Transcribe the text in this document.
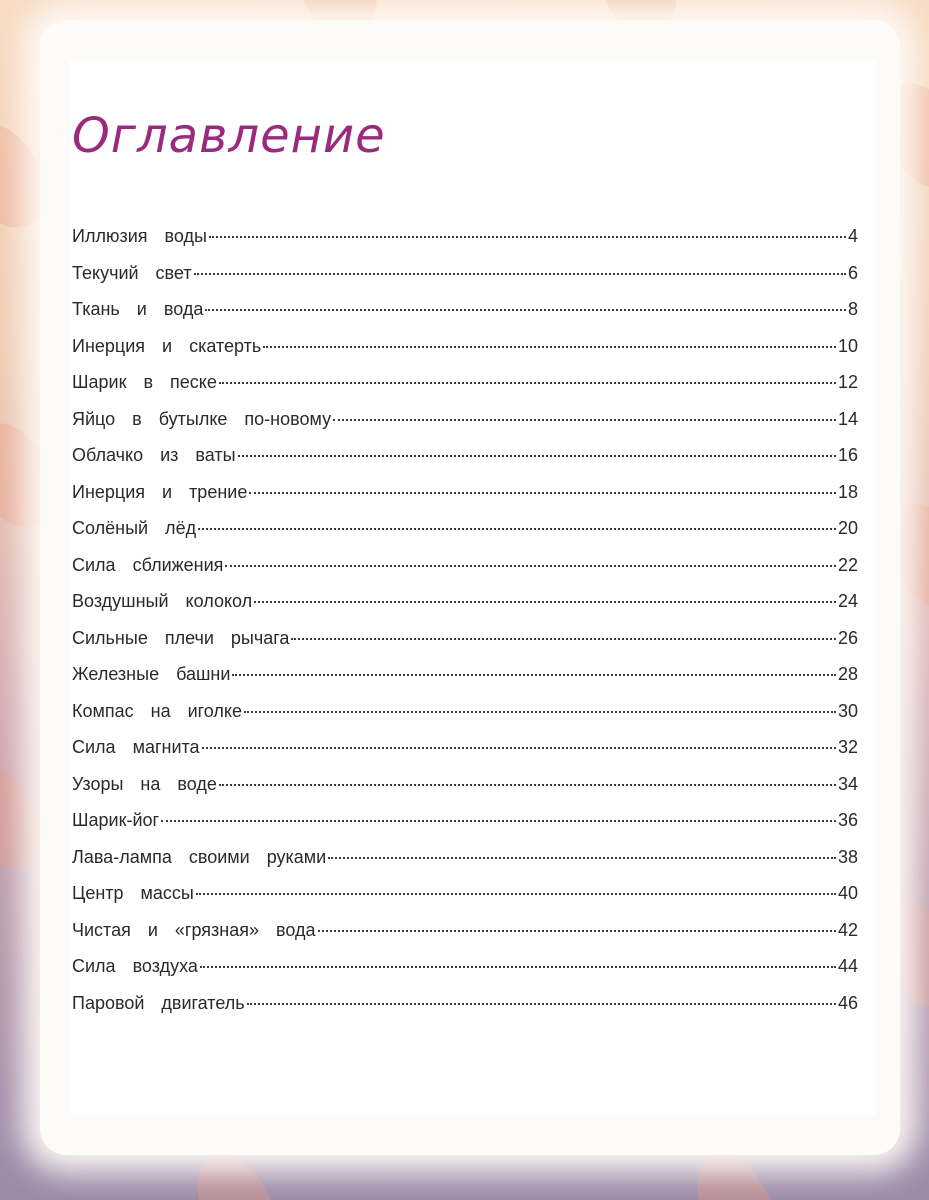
Оглавление
Иллюзия воды	4
Текучий свет	6
Ткань и вода	8
Инерция и скатерть	10
Шарик в песке	12
Яйцо в бутылке по-новому	14
Облачко из ваты	16
Инерция и трение	18
Солёный лёд	20
Сила сближения	22
Воздушный колокол	24
Сильные плечи рычага	26
Железные башни	28
Компас на иголке	30
Сила магнита	32
Узоры на воде	34
Шарик-йог	36
Лава-лампа своими руками	38
Центр массы	40
Чистая и «грязная» вода	42
Сила воздуха	44
Паровой двигатель	46
